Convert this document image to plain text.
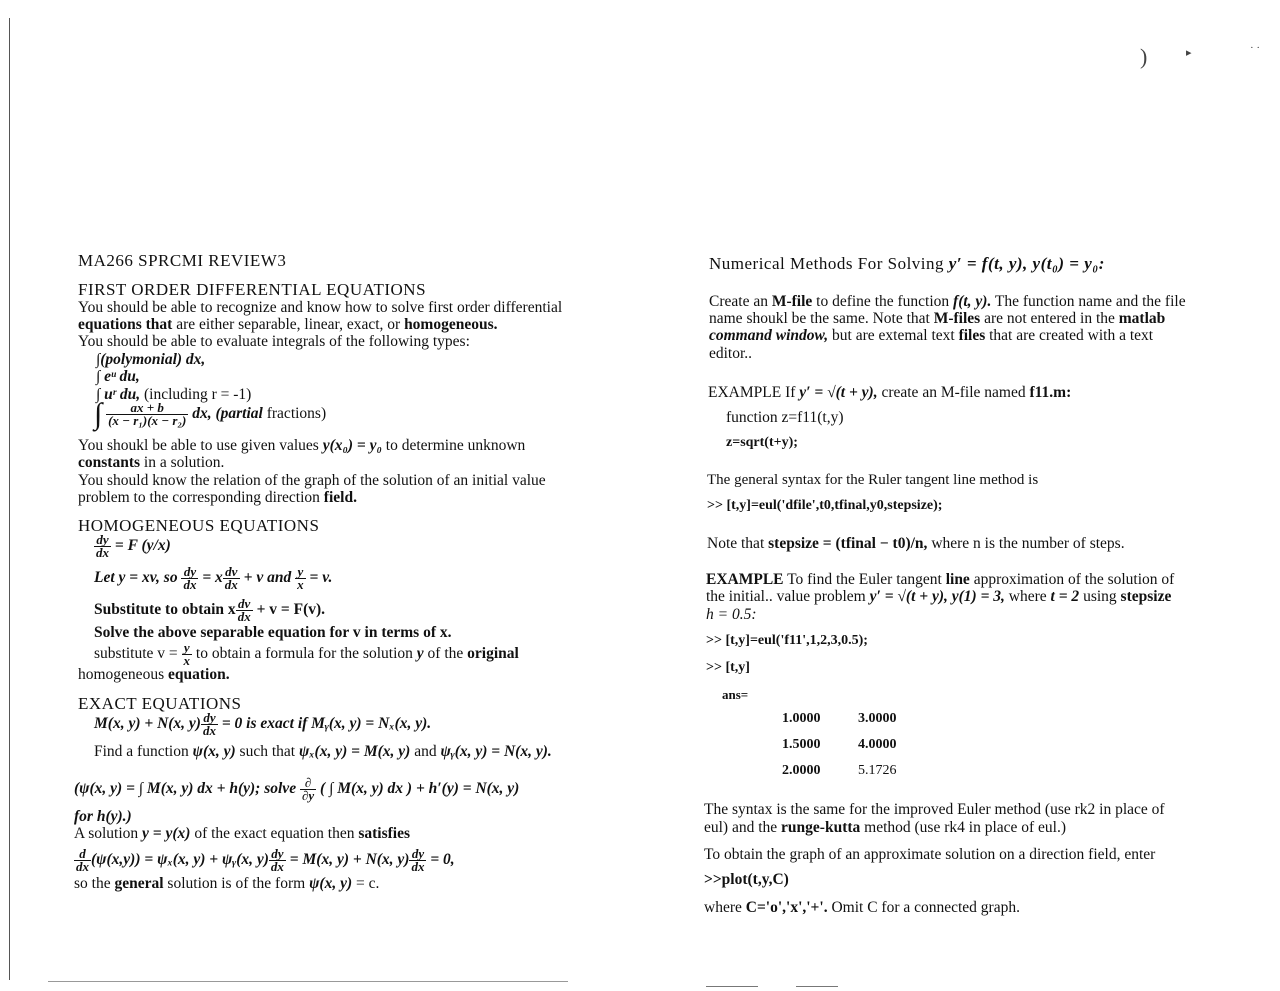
MA266 SPRCMI REVIEW3
FIRST ORDER DIFFERENTIAL EQUATIONS
You should be able to recognize and know how to solve first order differential
equations that are either separable, linear, exact, or homogeneous.
You should be able to evaluate integrals of the following types:
∫(polymonial) dx,
∫ eᵘ du,
∫ uʳ du, (including r = -1)
∫ $\frac{ax + b}{\text{(x − r₁)(x − r₂)}}$ dx, (partial fractions)
You shoukl be able to use given values y(x₀) = y₀ to determine unknown
constants in a solution.
You should know the relation of the graph of the solution of an initial value
problem to the corresponding direction field.
HOMOGENEOUS EQUATIONS
$\frac{dy}{dx} = F$ (y/x)
Let y = xv, so $\frac{dy}{dx} = x \frac{dv}{dx} + v$ and $\frac{y}{x} = v$.
Substitute to obtain x $\frac{dv}{dx} + v = F(v)$.
Solve the above separable equation for v in terms of x.
substitute $v = \frac{y}{x}$ to obtain a formula for the solution y of the original
homogeneous equation.
EXACT EQUATIONS
M(x, y) + N(x, $y) \frac{dy}{dx} = 0$ is exact if Mᵧ(x, y) = Nₓ(x, y).
Find a function ψ(x, y) such that ψₓ(x, y) = M(x, y) and ψᵧ(x, y) = N(x, y).
(ψ(x, y) = ∫ M(x, y) dx + h(y); solve $\frac{\partial}{\partial y}$ ( ∫ M(x, y) dx ) + h′(y) = N(x, y)
for h(y).)
A solution y = y(x) of the exact equation then satisfies
$\frac{d}{dx} (\psi(x,y)) = \psi_x(x$, y) + ψᵧ(x, $y) \frac{dy}{dx} = M(x$, y) + N(x, $y) \frac{dy}{dx} = 0$,
so the general solution is of the form ψ(x, y) = c.
Numerical Methods For Solving y′ = f(t, y), y(t₀) = y₀:
Create an M-file to define the function f(t, y). The function name and the file
name shoukl be the same. Note that M-files are not entered in the matlab
command window, but are extemal text files that are created with a text
editor..
EXAMPLE If y′ = √(t + y), create an M-file named f11.m:
function z=f11(t,y)
z=sqrt(t+y);
The general syntax for the Ruler tangent line method is
>> [t,y]=eul('dfile',t0,tfinal,y0,stepsize);
Note that stepsize = (tfinal − t0)/n, where n is the number of steps.
EXAMPLE To find the Euler tangent line approximation of the solution of
the initial.. value problem y′ = √(t + y), y(1) = 3, where t = 2 using stepsize
h = 0.5:
>> [t,y]=eul('f11',1,2,3,0.5);
>> [t,y]
ans=
1.0000	3.0000
1.5000	4.0000
2.0000	5.1726
The syntax is the same for the improved Euler method (use rk2 in place of
eul) and the runge-kutta method (use rk4 in place of eul.)
To obtain the graph of an approximate solution on a direction field, enter
>>plot(t,y,C)
where C='o','x','+'. Omit C for a connected graph.
)	▸	· ·
